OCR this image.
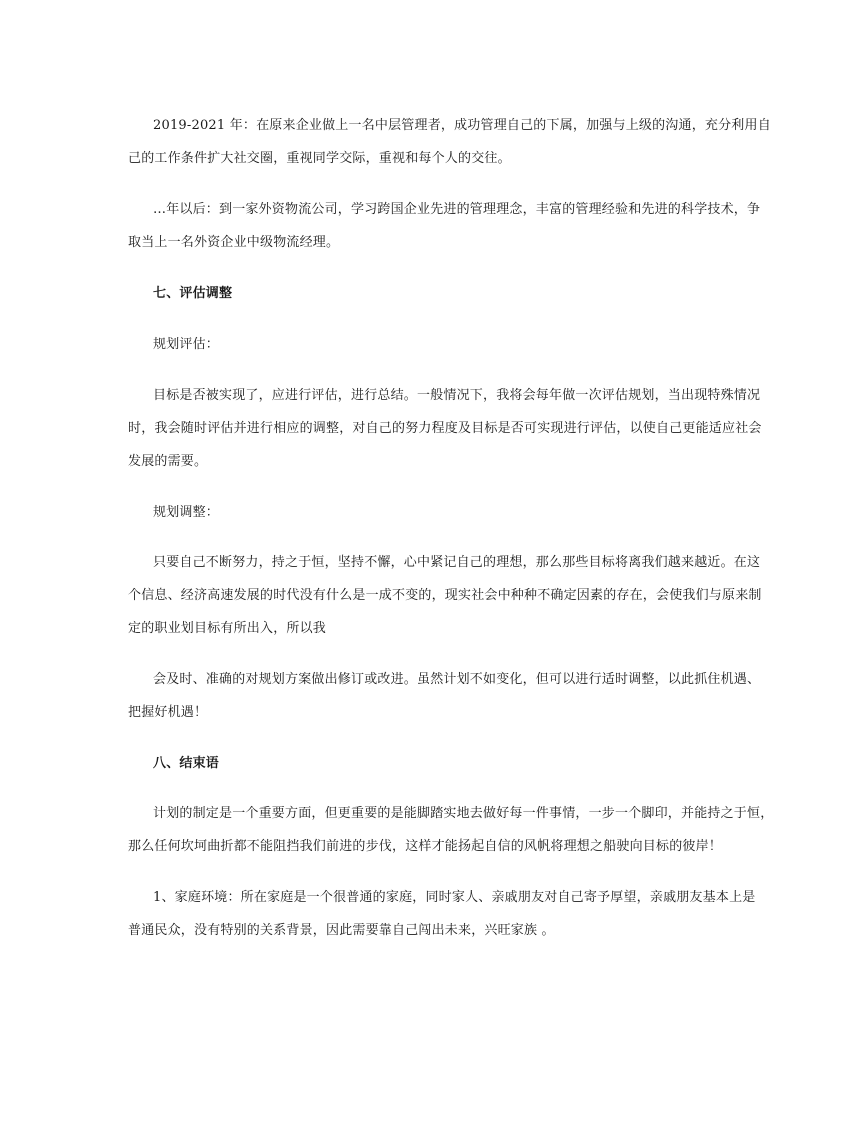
2019-2021 年：在原来企业做上一名中层管理者，成功管理自己的下属，加强与上级的沟通，充分利用自
己的工作条件扩大社交圈，重视同学交际，重视和每个人的交往。
…年以后：到一家外资物流公司，学习跨国企业先进的管理理念，丰富的管理经验和先进的科学技术，争
取当上一名外资企业中级物流经理。
七、评估调整
规划评估：
目标是否被实现了，应进行评估，进行总结。一般情况下，我将会每年做一次评估规划，当出现特殊情况
时，我会随时评估并进行相应的调整，对自己的努力程度及目标是否可实现进行评估，以使自己更能适应社会
发展的需要。
规划调整：
只要自己不断努力，持之于恒，坚持不懈，心中紧记自己的理想，那么那些目标将离我们越来越近。在这
个信息、经济高速发展的时代没有什么是一成不变的，现实社会中种种不确定因素的存在，会使我们与原来制
定的职业划目标有所出入，所以我
会及时、准确的对规划方案做出修订或改进。虽然计划不如变化，但可以进行适时调整，以此抓住机遇、
把握好机遇！
八、结束语
计划的制定是一个重要方面，但更重要的是能脚踏实地去做好每一件事情，一步一个脚印，并能持之于恒，
那么任何坎坷曲折都不能阻挡我们前进的步伐，这样才能扬起自信的风帆将理想之船驶向目标的彼岸！
1、家庭环境：所在家庭是一个很普通的家庭，同时家人、亲戚朋友对自己寄予厚望，亲戚朋友基本上是
普通民众，没有特别的关系背景，因此需要靠自己闯出未来，兴旺家族 。
